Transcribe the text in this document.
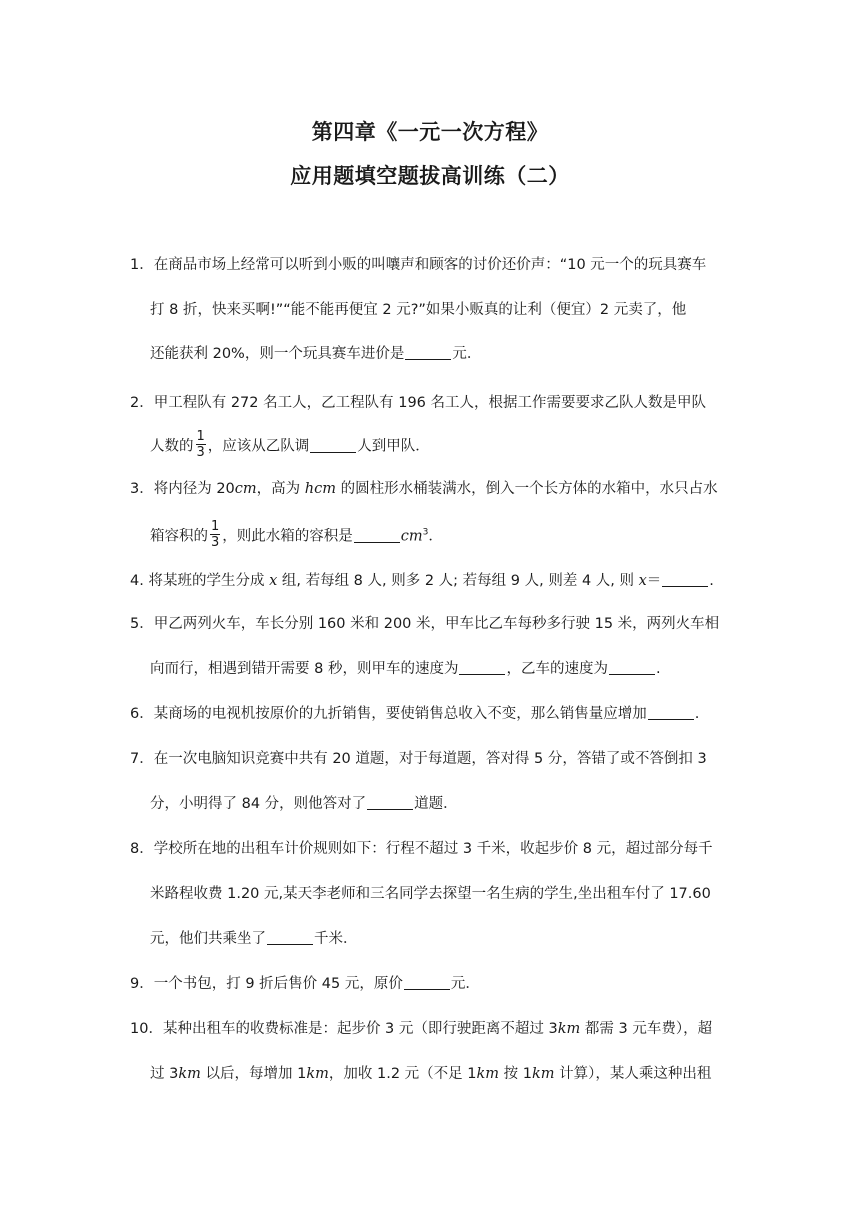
第四章《一元一次方程》
应用题填空题拔高训练（二）
1．在商品市场上经常可以听到小贩的叫嚷声和顾客的讨价还价声：“10 元一个的玩具赛车
打 8 折，快来买啊!”“能不能再便宜 2 元?”如果小贩真的让利（便宜）2 元卖了，他
还能获利 20%，则一个玩具赛车进价是	元．
2．甲工程队有 272 名工人，乙工程队有 196 名工人，根据工作需要要求乙队人数是甲队
人数的 $\frac{1}{3}$ ，应该从乙队调	人到甲队．
3．将内径为 20cm，高为 hcm 的圆柱形水桶装满水，倒入一个长方体的水箱中，水只占水
箱容积的 $\frac{1}{3}$ ，则此水箱的容积是	$cm^3$．
4. 将某班的学生分成 x 组, 若每组 8 人, 则多 2 人; 若每组 9 人, 则差 4 人, 则 x＝	.
5．甲乙两列火车，车长分别 160 米和 200 米，甲车比乙车每秒多行驶 15 米，两列火车相
向而行，相遇到错开需要 8 秒，则甲车的速度为	，乙车的速度为	.
6．某商场的电视机按原价的九折销售，要使销售总收入不变，那么销售量应增加	.
7．在一次电脑知识竞赛中共有 20 道题，对于每道题，答对得 5 分，答错了或不答倒扣 3
分，小明得了 84 分，则他答对了	道题．
8．学校所在地的出租车计价规则如下：行程不超过 3 千米，收起步价 8 元，超过部分每千
米路程收费 1.20 元,某天李老师和三名同学去探望一名生病的学生,坐出租车付了 17.60
元，他们共乘坐了	千米．
9．一个书包，打 9 折后售价 45 元，原价	元．
10．某种出租车的收费标准是：起步价 3 元（即行驶距离不超过 3km 都需 3 元车费），超
过 3km 以后，每增加 1km，加收 1.2 元（不足 1km 按 1km 计算），某人乘这种出租
